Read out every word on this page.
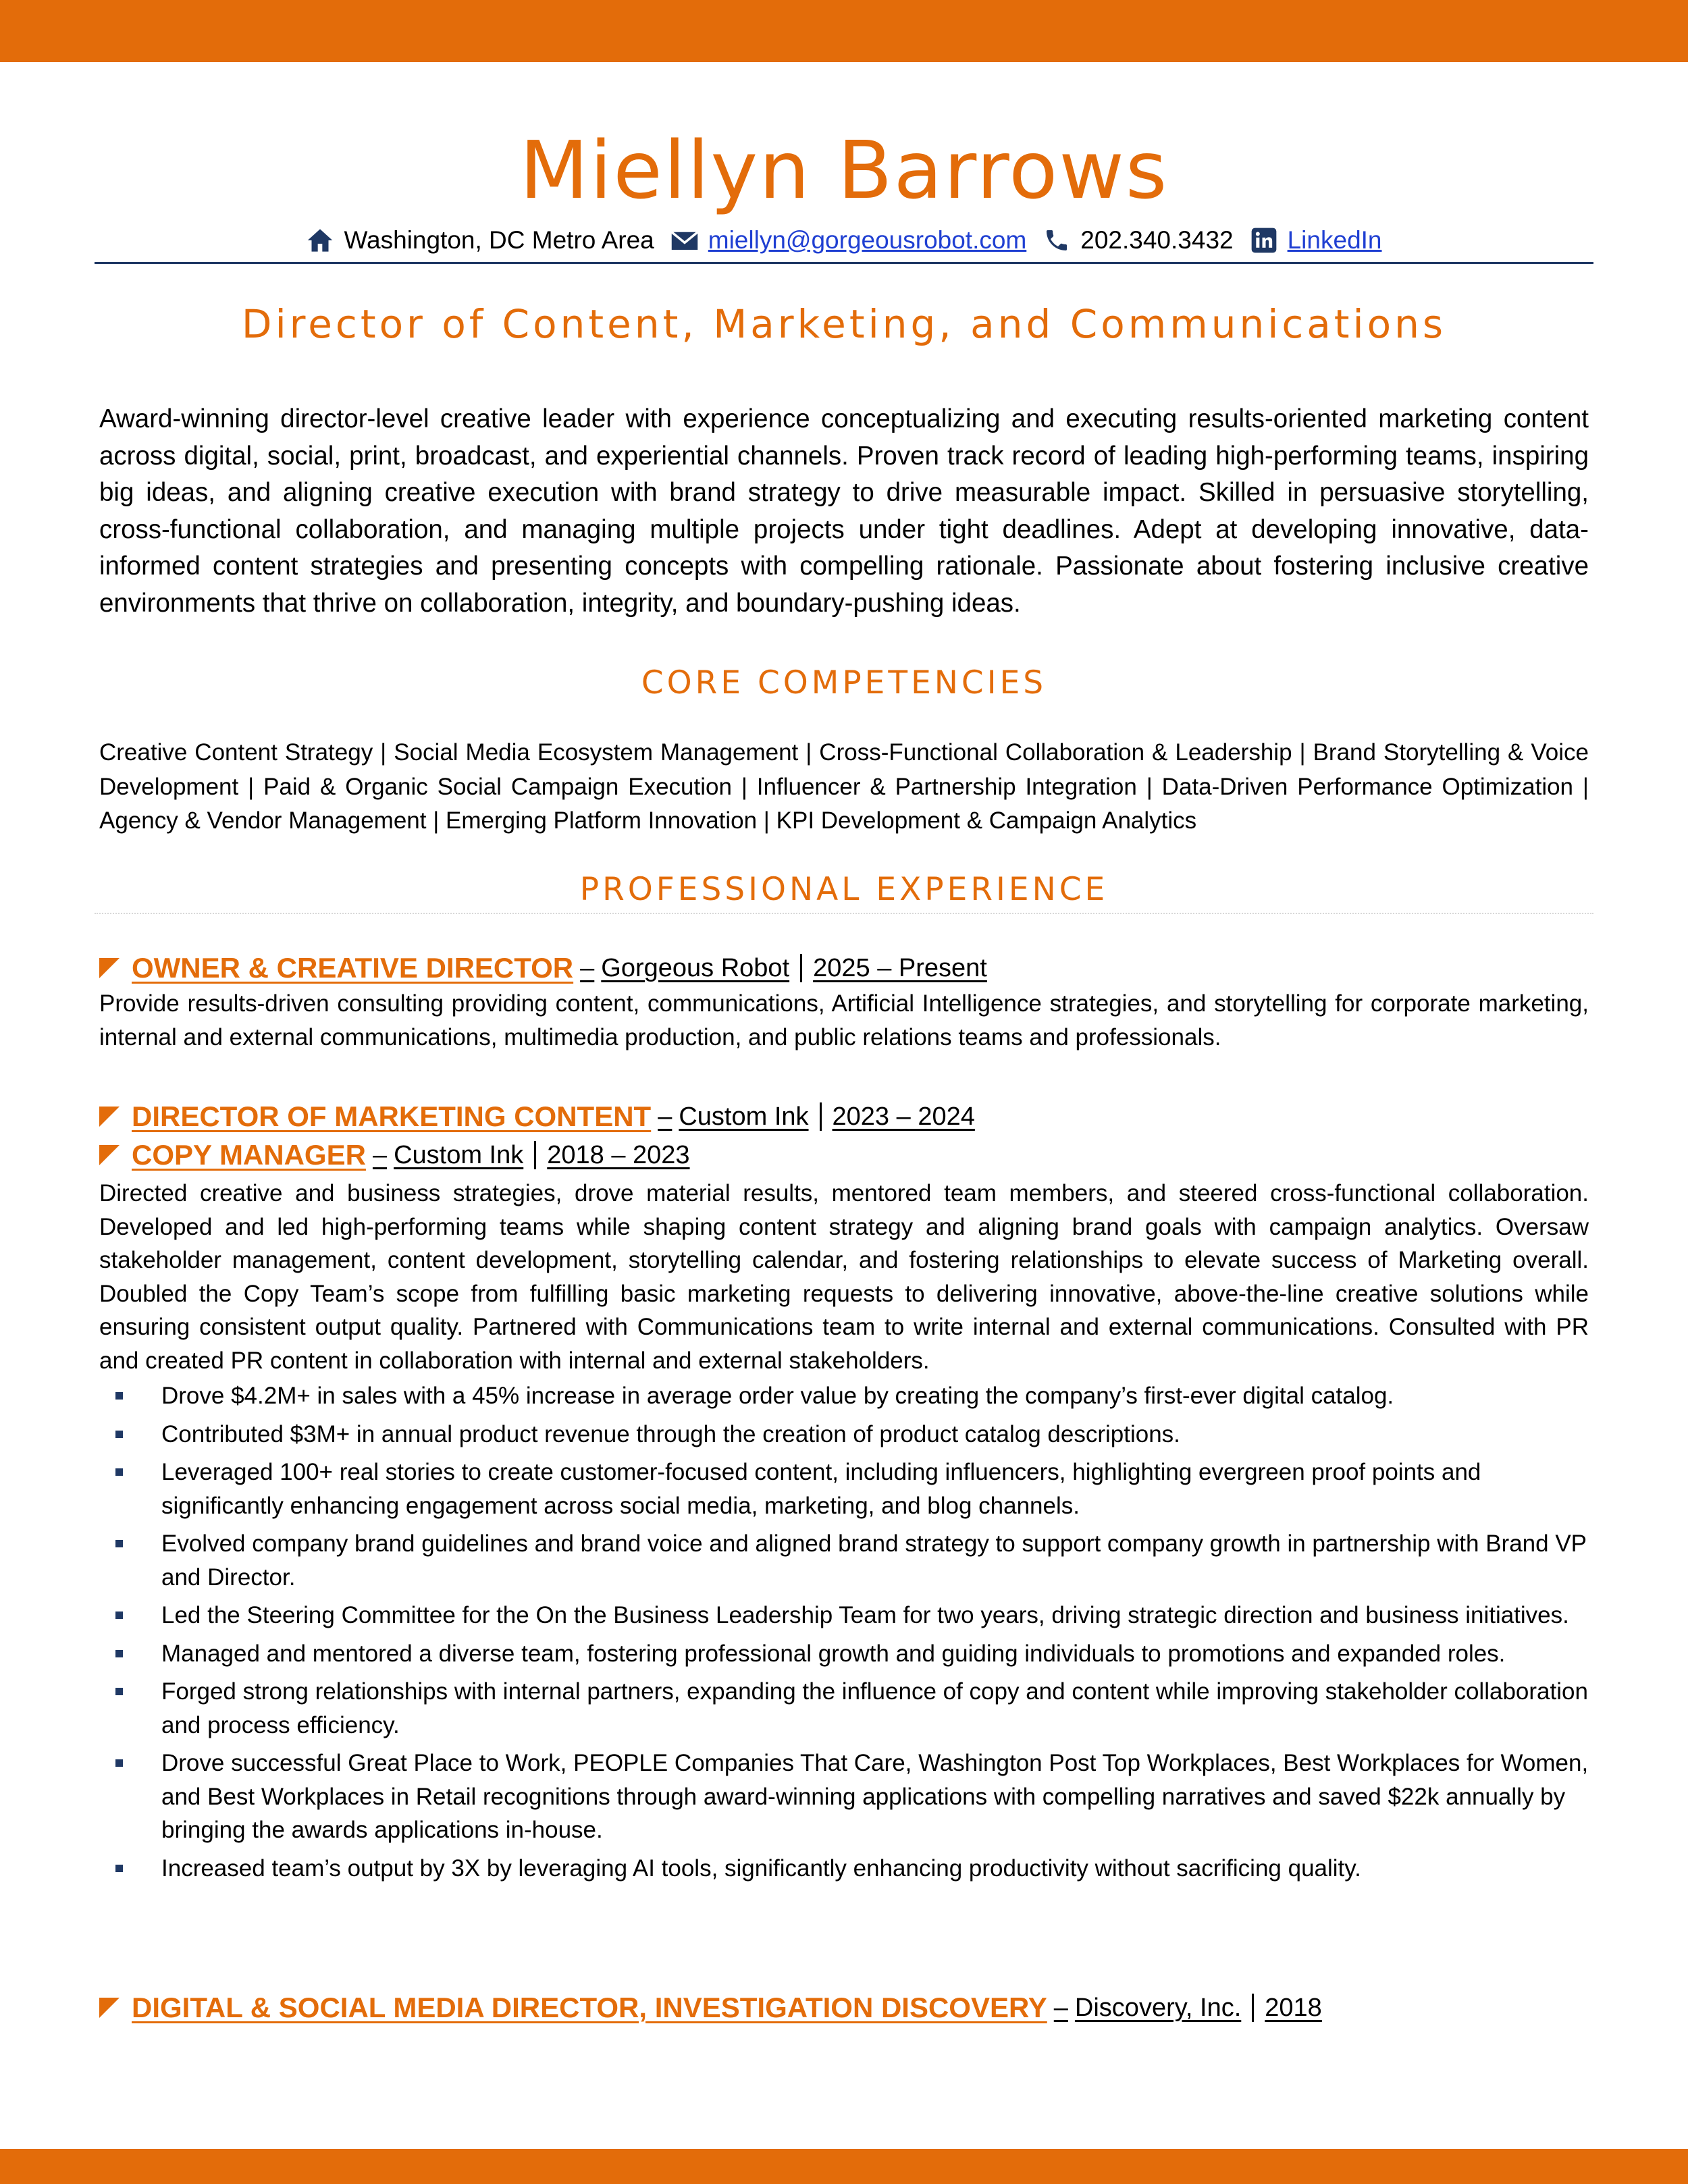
Miellyn Barrows
Washington, DC Metro Area miellyn@gorgeousrobot.com 202.340.3432 LinkedIn
Director of Content, Marketing, and Communications
Award-winning director-level creative leader with experience conceptualizing and executing results-oriented marketing content across digital, social, print, broadcast, and experiential channels. Proven track record of leading high-performing teams, inspiring big ideas, and aligning creative execution with brand strategy to drive measurable impact. Skilled in persuasive storytelling, cross-functional collaboration, and managing multiple projects under tight deadlines. Adept at developing innovative, data-informed content strategies and presenting concepts with compelling rationale. Passionate about fostering inclusive creative environments that thrive on collaboration, integrity, and boundary-pushing ideas.
CORE COMPETENCIES
Creative Content Strategy | Social Media Ecosystem Management | Cross-Functional Collaboration & Leadership | Brand Storytelling & Voice Development | Paid & Organic Social Campaign Execution | Influencer & Partnership Integration | Data-Driven Performance Optimization | Agency & Vendor Management | Emerging Platform Innovation | KPI Development & Campaign Analytics
PROFESSIONAL EXPERIENCE
OWNER & CREATIVE DIRECTOR – Gorgeous Robot 2025 – Present
Provide results-driven consulting providing content, communications, Artificial Intelligence strategies, and storytelling for corporate marketing, internal and external communications, multimedia production, and public relations teams and professionals.
DIRECTOR OF MARKETING CONTENT – Custom Ink 2023 – 2024
COPY MANAGER – Custom Ink 2018 – 2023
Directed creative and business strategies, drove material results, mentored team members, and steered cross-functional collaboration. Developed and led high-performing teams while shaping content strategy and aligning brand goals with campaign analytics. Oversaw stakeholder management, content development, storytelling calendar, and fostering relationships to elevate success of Marketing overall. Doubled the Copy Team’s scope from fulfilling basic marketing requests to delivering innovative, above-the-line creative solutions while ensuring consistent output quality. Partnered with Communications team to write internal and external communications. Consulted with PR and created PR content in collaboration with internal and external stakeholders.
Drove $4.2M+ in sales with a 45% increase in average order value by creating the company’s first-ever digital catalog.
Contributed $3M+ in annual product revenue through the creation of product catalog descriptions.
Leveraged 100+ real stories to create customer-focused content, including influencers, highlighting evergreen proof points and significantly enhancing engagement across social media, marketing, and blog channels.
Evolved company brand guidelines and brand voice and aligned brand strategy to support company growth in partnership with Brand VP and Director.
Led the Steering Committee for the On the Business Leadership Team for two years, driving strategic direction and business initiatives.
Managed and mentored a diverse team, fostering professional growth and guiding individuals to promotions and expanded roles.
Forged strong relationships with internal partners, expanding the influence of copy and content while improving stakeholder collaboration and process efficiency.
Drove successful Great Place to Work, PEOPLE Companies That Care, Washington Post Top Workplaces, Best Workplaces for Women, and Best Workplaces in Retail recognitions through award-winning applications with compelling narratives and saved $22k annually by bringing the awards applications in-house.
Increased team’s output by 3X by leveraging AI tools, significantly enhancing productivity without sacrificing quality.
DIGITAL & SOCIAL MEDIA DIRECTOR, INVESTIGATION DISCOVERY – Discovery, Inc. 2018
